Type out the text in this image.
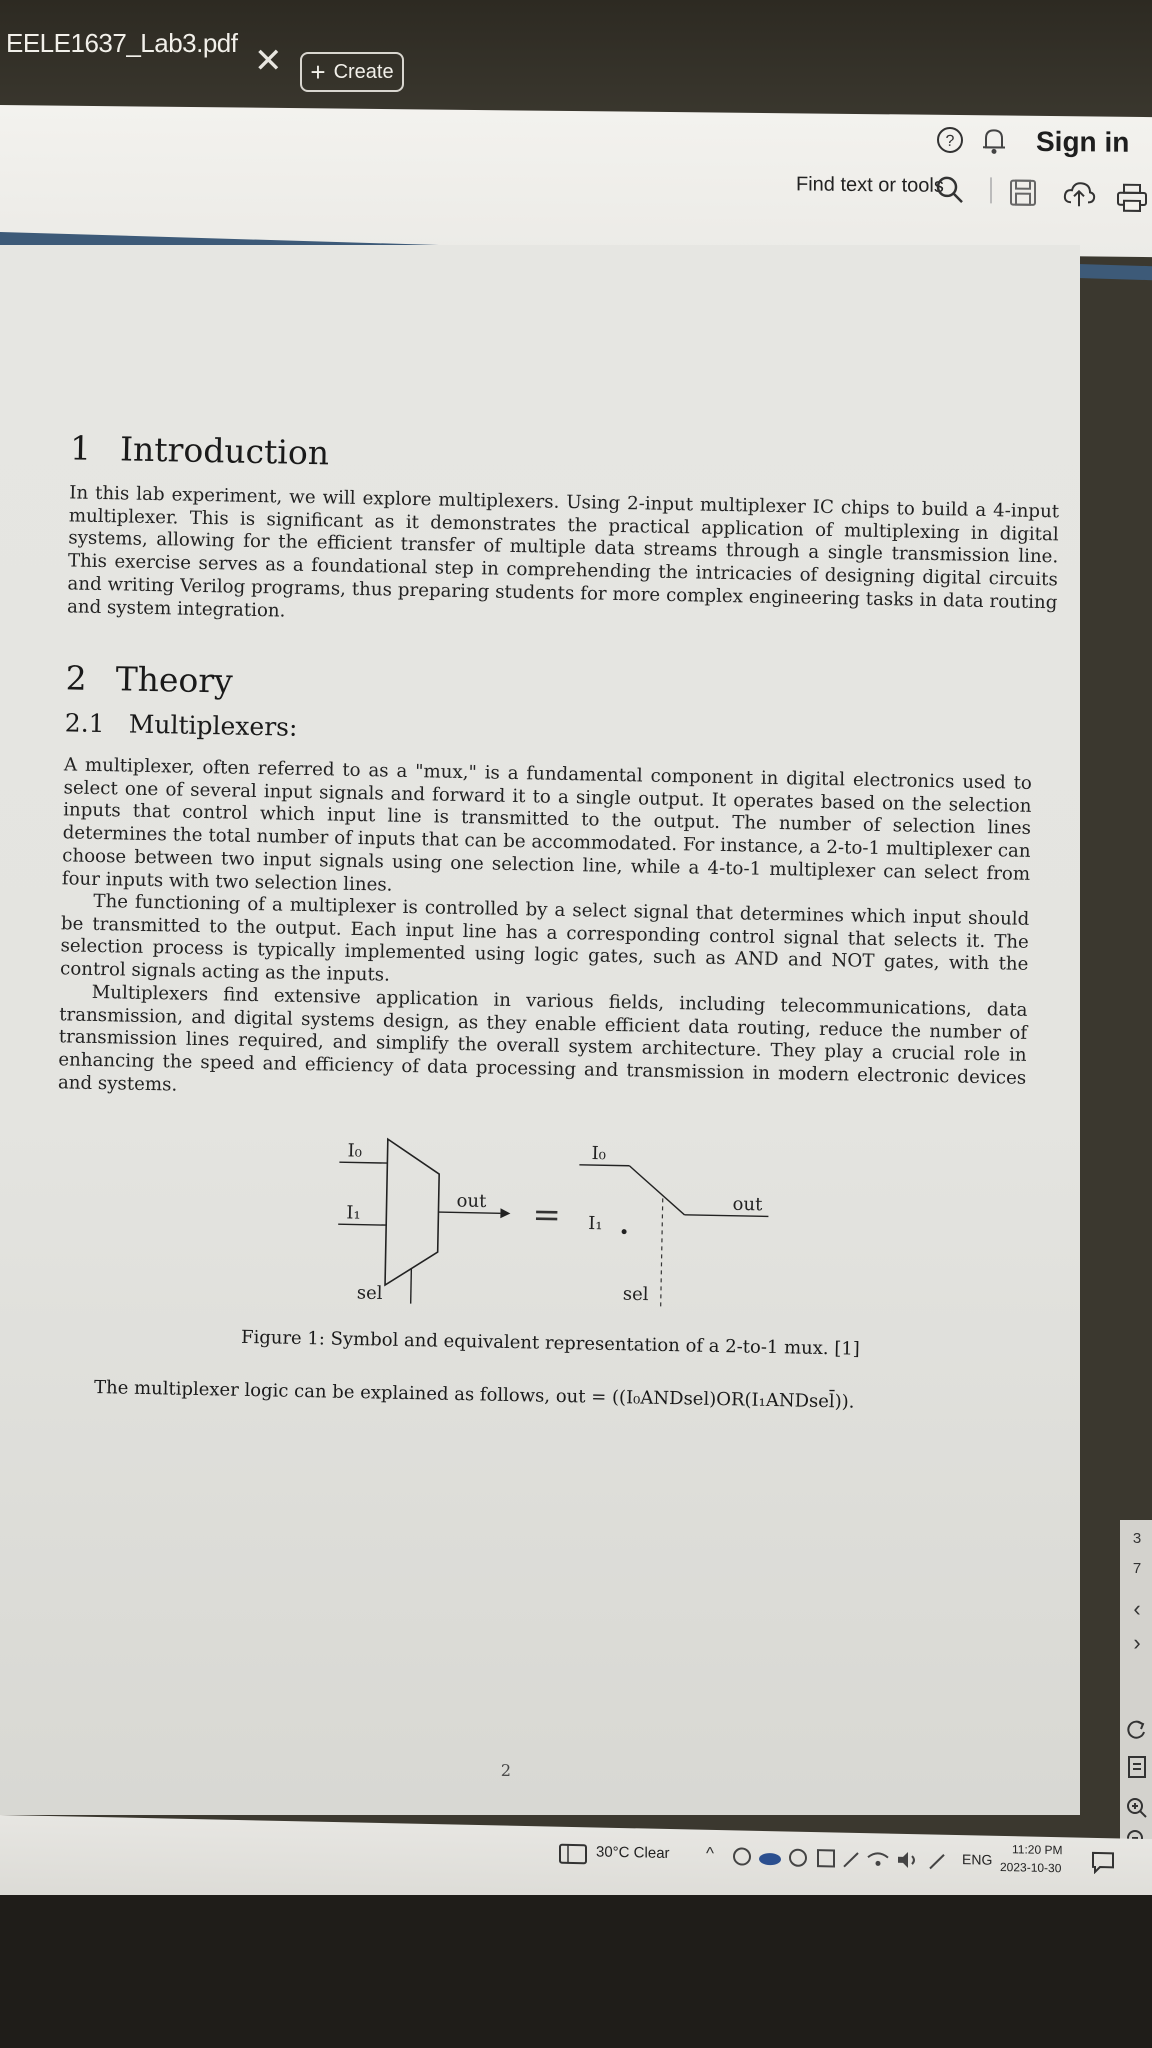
EELE1637_Lab3.pdf ✕ + Create
?	Sign in
Find text or tools
1 Introduction
In this lab experiment, we will explore multiplexers. Using 2-input multiplexer IC chips to build a 4-input multiplexer. This is significant as it demonstrates the practical application of multiplexing in digital systems, allowing for the efficient transfer of multiple data streams through a single transmission line. This exercise serves as a foundational step in comprehending the intricacies of designing digital circuits and writing Verilog programs, thus preparing students for more complex engineering tasks in data routing and system integration.
2 Theory
2.1 Multiplexers:
A multiplexer, often referred to as a "mux," is a fundamental component in digital electronics used to select one of several input signals and forward it to a single output. It operates based on the selection inputs that control which input line is transmitted to the output. The number of selection lines determines the total number of inputs that can be accommodated. For instance, a 2-to-1 multiplexer can choose between two input signals using one selection line, while a 4-to-1 multiplexer can select from four inputs with two selection lines.
The functioning of a multiplexer is controlled by a select signal that determines which input should be transmitted to the output. Each input line has a corresponding control signal that selects it. The selection process is typically implemented using logic gates, such as AND and NOT gates, with the control signals acting as the inputs.
Multiplexers find extensive application in various fields, including telecommunications, data transmission, and digital systems design, as they enable efficient data routing, reduce the number of transmission lines required, and simplify the overall system architecture. They play a crucial role in enhancing the speed and efficiency of data processing and transmission in modern electronic devices and systems.
Figure 1: Symbol and equivalent representation of a 2-to-1 mux. [1]
The multiplexer logic can be explained as follows, out = ((I₀ANDsel)OR(I₁ANDsel̄)).
2
I₀
I₁
out
sel
=
I₀
out
I₁
sel
3
7
‹
›
30°C Clear ^	ENG
11:20 PM
2023-10-30
